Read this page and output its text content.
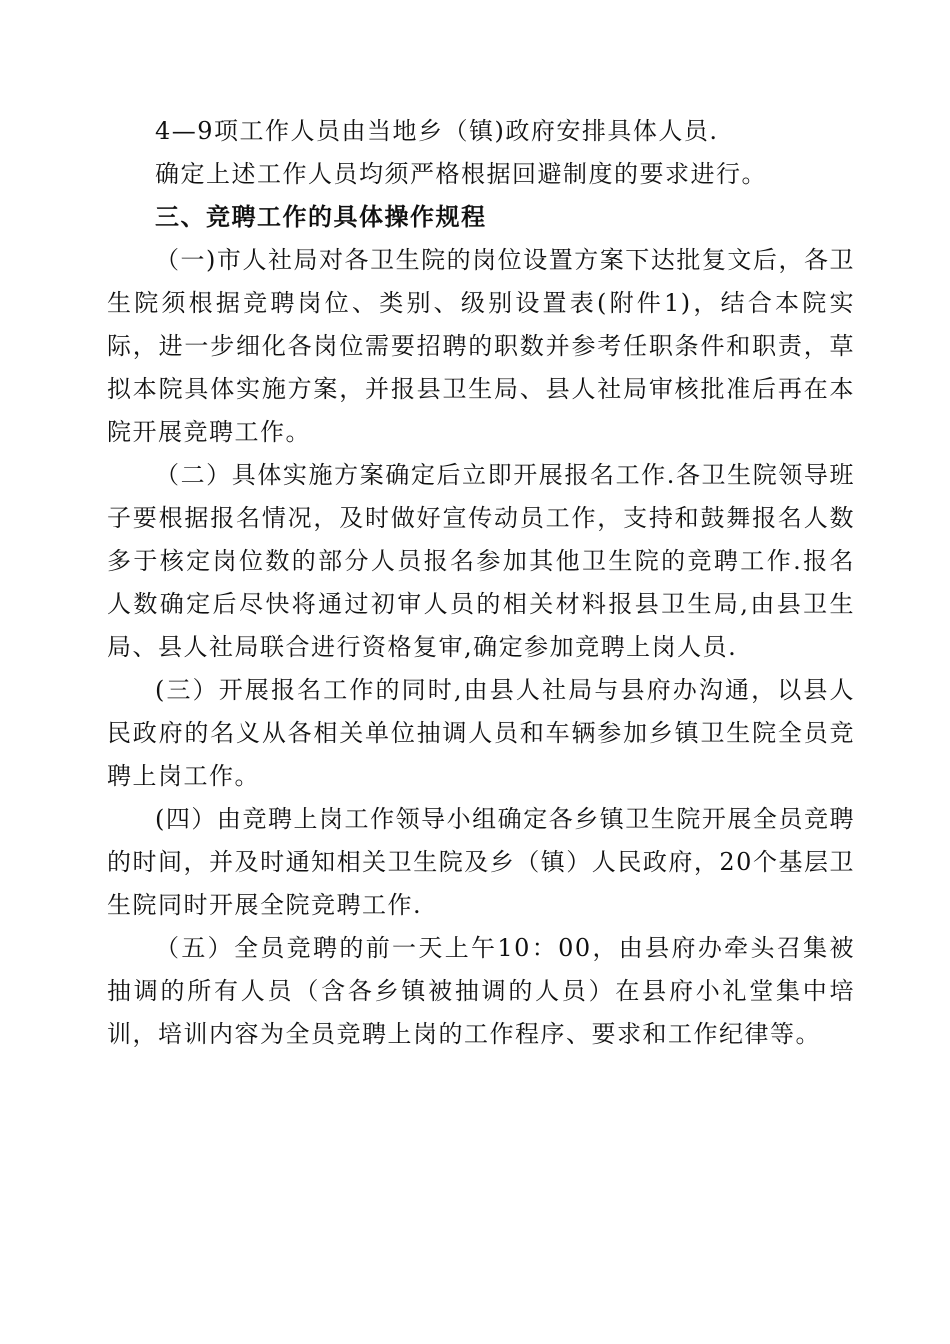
4—9项工作人员由当地乡（镇)政府安排具体人员.

确定上述工作人员均须严格根据回避制度的要求进行。

三、竞聘工作的具体操作规程

（一)市人社局对各卫生院的岗位设置方案下达批复文后，各卫生院须根据竞聘岗位、类别、级别设置表(附件1)，结合本院实际，进一步细化各岗位需要招聘的职数并参考任职条件和职责，草拟本院具体实施方案，并报县卫生局、县人社局审核批准后再在本院开展竞聘工作。

（二）具体实施方案确定后立即开展报名工作.各卫生院领导班子要根据报名情况，及时做好宣传动员工作，支持和鼓舞报名人数多于核定岗位数的部分人员报名参加其他卫生院的竞聘工作.报名人数确定后尽快将通过初审人员的相关材料报县卫生局,由县卫生局、县人社局联合进行资格复审,确定参加竞聘上岗人员.

(三）开展报名工作的同时,由县人社局与县府办沟通，以县人民政府的名义从各相关单位抽调人员和车辆参加乡镇卫生院全员竞聘上岗工作。

(四）由竞聘上岗工作领导小组确定各乡镇卫生院开展全员竞聘的时间，并及时通知相关卫生院及乡（镇）人民政府，20个基层卫生院同时开展全院竞聘工作.

（五）全员竞聘的前一天上午10：00，由县府办牵头召集被抽调的所有人员（含各乡镇被抽调的人员）在县府小礼堂集中培训，培训内容为全员竞聘上岗的工作程序、要求和工作纪律等。
